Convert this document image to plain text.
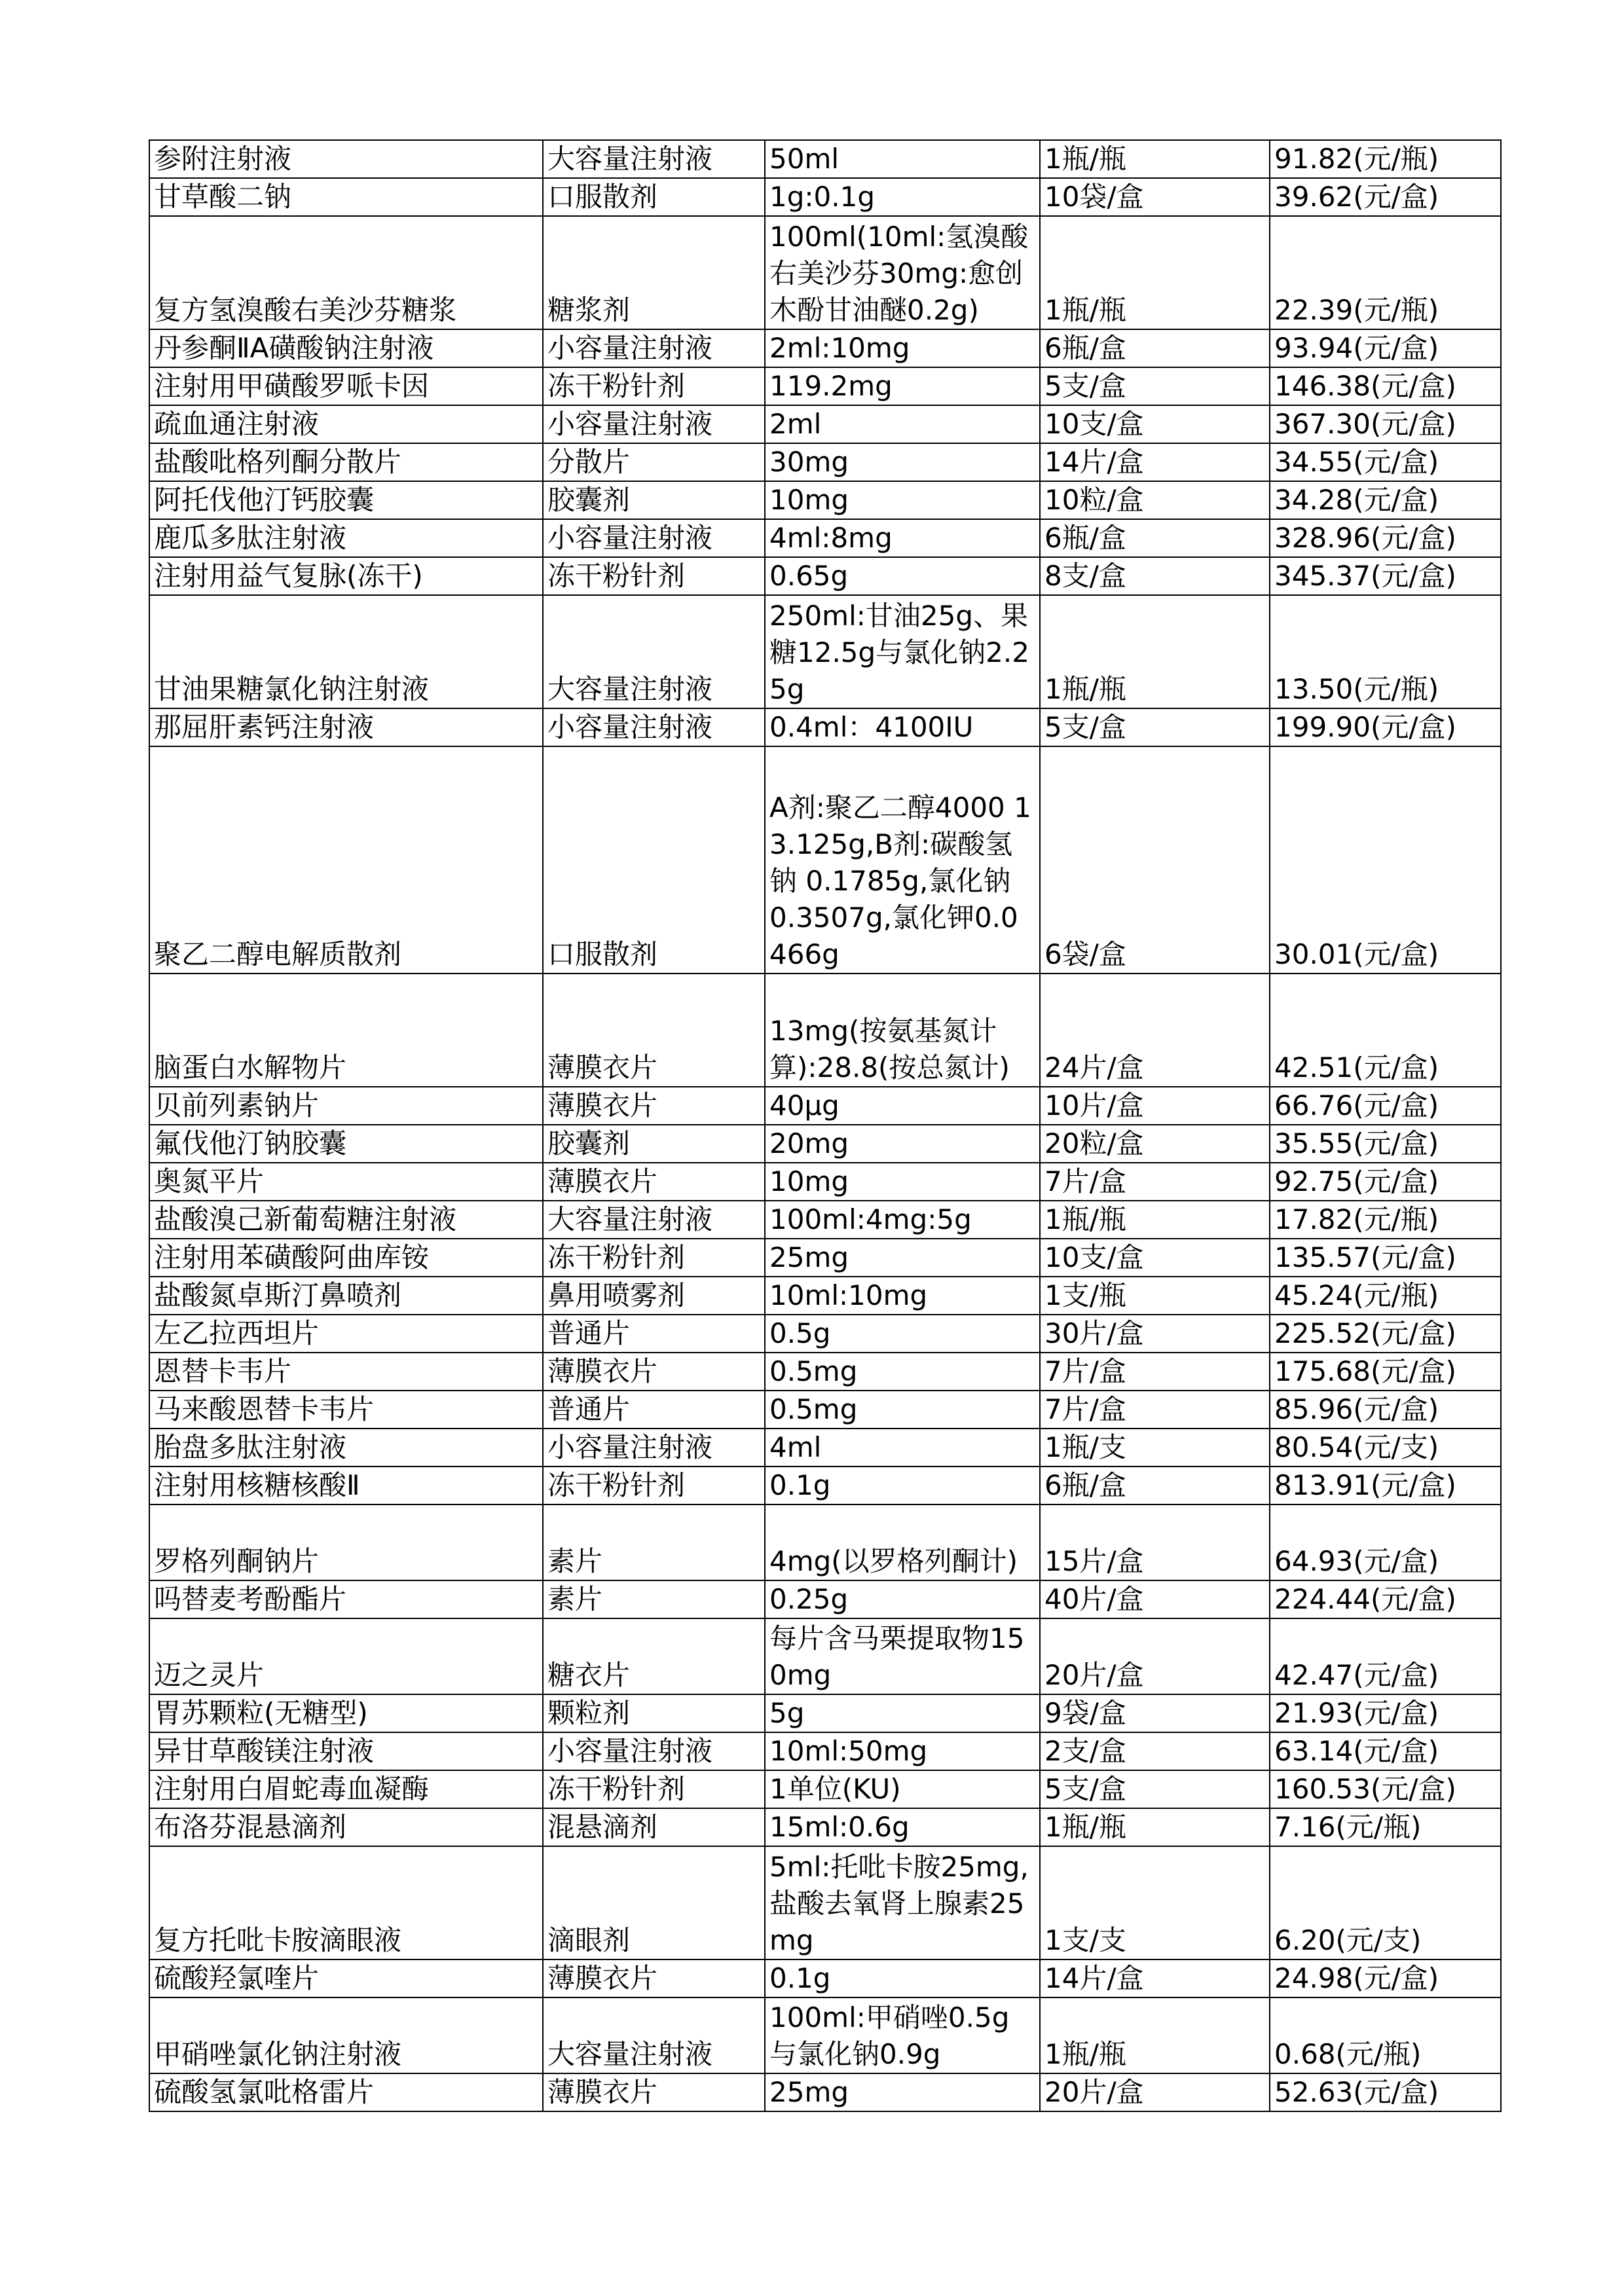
参附注射液	大容量注射液	50ml	1瓶/瓶	91.82(元/瓶)
甘草酸二钠	口服散剂	1g:0.1g	10袋/盒	39.62(元/盒)
复方氢溴酸右美沙芬糖浆	糖浆剂	100ml(10ml:氢溴酸右美沙芬30mg:愈创木酚甘油醚0.2g)	1瓶/瓶	22.39(元/瓶)
丹参酮ⅡA磺酸钠注射液	小容量注射液	2ml:10mg	6瓶/盒	93.94(元/盒)
注射用甲磺酸罗哌卡因	冻干粉针剂	119.2mg	5支/盒	146.38(元/盒)
疏血通注射液	小容量注射液	2ml	10支/盒	367.30(元/盒)
盐酸吡格列酮分散片	分散片	30mg	14片/盒	34.55(元/盒)
阿托伐他汀钙胶囊	胶囊剂	10mg	10粒/盒	34.28(元/盒)
鹿瓜多肽注射液	小容量注射液	4ml:8mg	6瓶/盒	328.96(元/盒)
注射用益气复脉(冻干)	冻干粉针剂	0.65g	8支/盒	345.37(元/盒)
甘油果糖氯化钠注射液	大容量注射液	250ml:甘油25g、果糖12.5g与氯化钠2.25g	1瓶/瓶	13.50(元/瓶)
那屈肝素钙注射液	小容量注射液	0.4ml：4100IU	5支/盒	199.90(元/盒)
聚乙二醇电解质散剂	口服散剂	A剂:聚乙二醇4000 13.125g,B剂:碳酸氢钠 0.1785g,氯化钠0.3507g,氯化钾0.0466g	6袋/盒	30.01(元/盒)
脑蛋白水解物片	薄膜衣片	13mg(按氨基氮计算):28.8(按总氮计)	24片/盒	42.51(元/盒)
贝前列素钠片	薄膜衣片	40μg	10片/盒	66.76(元/盒)
氟伐他汀钠胶囊	胶囊剂	20mg	20粒/盒	35.55(元/盒)
奥氮平片	薄膜衣片	10mg	7片/盒	92.75(元/盒)
盐酸溴己新葡萄糖注射液	大容量注射液	100ml:4mg:5g	1瓶/瓶	17.82(元/瓶)
注射用苯磺酸阿曲库铵	冻干粉针剂	25mg	10支/盒	135.57(元/盒)
盐酸氮卓斯汀鼻喷剂	鼻用喷雾剂	10ml:10mg	1支/瓶	45.24(元/瓶)
左乙拉西坦片	普通片	0.5g	30片/盒	225.52(元/盒)
恩替卡韦片	薄膜衣片	0.5mg	7片/盒	175.68(元/盒)
马来酸恩替卡韦片	普通片	0.5mg	7片/盒	85.96(元/盒)
胎盘多肽注射液	小容量注射液	4ml	1瓶/支	80.54(元/支)
注射用核糖核酸Ⅱ	冻干粉针剂	0.1g	6瓶/盒	813.91(元/盒)
罗格列酮钠片	素片	4mg(以罗格列酮计)	15片/盒	64.93(元/盒)
吗替麦考酚酯片	素片	0.25g	40片/盒	224.44(元/盒)
迈之灵片	糖衣片	每片含马栗提取物150mg	20片/盒	42.47(元/盒)
胃苏颗粒(无糖型)	颗粒剂	5g	9袋/盒	21.93(元/盒)
异甘草酸镁注射液	小容量注射液	10ml:50mg	2支/盒	63.14(元/盒)
注射用白眉蛇毒血凝酶	冻干粉针剂	1单位(KU)	5支/盒	160.53(元/盒)
布洛芬混悬滴剂	混悬滴剂	15ml:0.6g	1瓶/瓶	7.16(元/瓶)
复方托吡卡胺滴眼液	滴眼剂	5ml:托吡卡胺25mg,盐酸去氧肾上腺素25mg	1支/支	6.20(元/支)
硫酸羟氯喹片	薄膜衣片	0.1g	14片/盒	24.98(元/盒)
甲硝唑氯化钠注射液	大容量注射液	100ml:甲硝唑0.5g与氯化钠0.9g	1瓶/瓶	0.68(元/瓶)
硫酸氢氯吡格雷片	薄膜衣片	25mg	20片/盒	52.63(元/盒)
